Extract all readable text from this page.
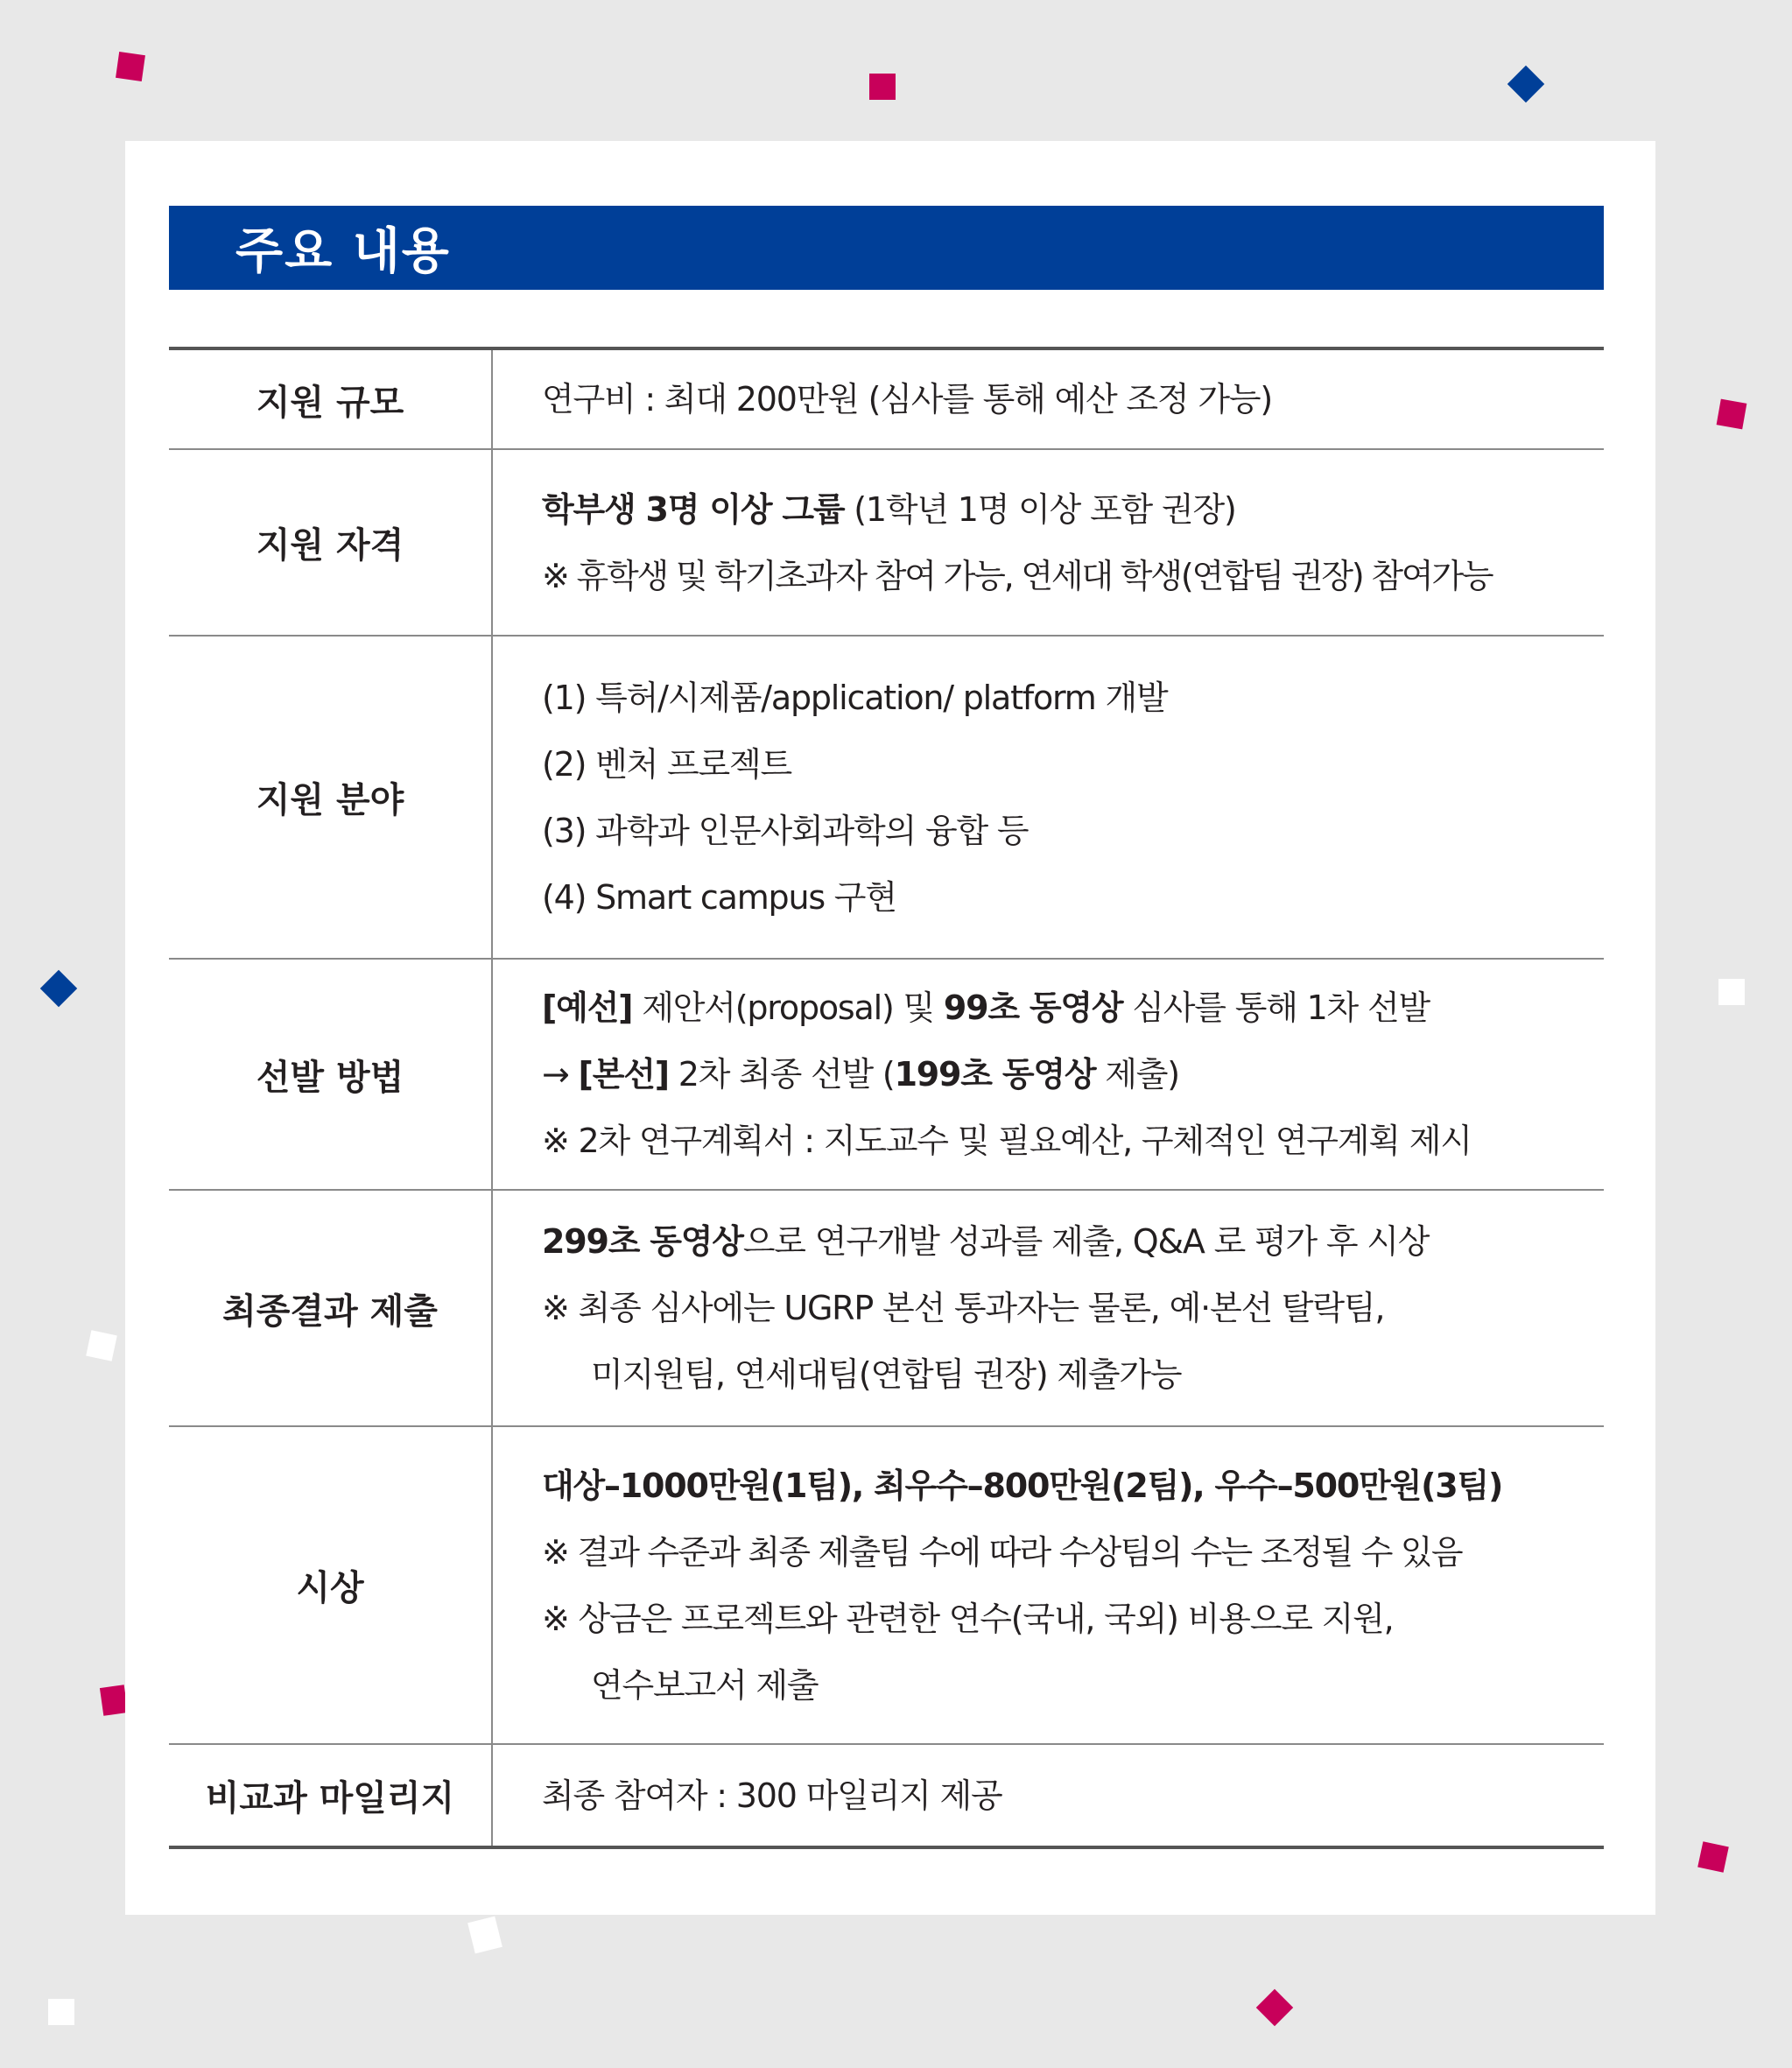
주요 내용
지원 규모	연구비 : 최대 200만원 (심사를 통해 예산 조정 가능)
지원 자격
학부생 3명 이상 그룹 (1학년 1명 이상 포함 권장)
※ 휴학생 및 학기초과자 참여 가능, 연세대 학생(연합팀 권장) 참여가능
지원 분야
(1) 특허/시제품/application/ platform 개발
(2) 벤처 프로젝트
(3) 과학과 인문사회과학의 융합 등
(4) Smart campus 구현
선발 방법
[예선] 제안서(proposal) 및 99초 동영상 심사를 통해 1차 선발
→ [본선] 2차 최종 선발 (199초 동영상 제출)
※ 2차 연구계획서 : 지도교수 및 필요예산, 구체적인 연구계획 제시
최종결과 제출
299초 동영상으로 연구개발 성과를 제출, Q&A 로 평가 후 시상
※ 최종 심사에는 UGRP 본선 통과자는 물론, 예·본선 탈락팀,
미지원팀, 연세대팀(연합팀 권장) 제출가능
시상
대상–1000만원(1팀), 최우수–800만원(2팀), 우수–500만원(3팀)
※ 결과 수준과 최종 제출팀 수에 따라 수상팀의 수는 조정될 수 있음
※ 상금은 프로젝트와 관련한 연수(국내, 국외) 비용으로 지원,
연수보고서 제출
비교과 마일리지	최종 참여자 : 300 마일리지 제공
